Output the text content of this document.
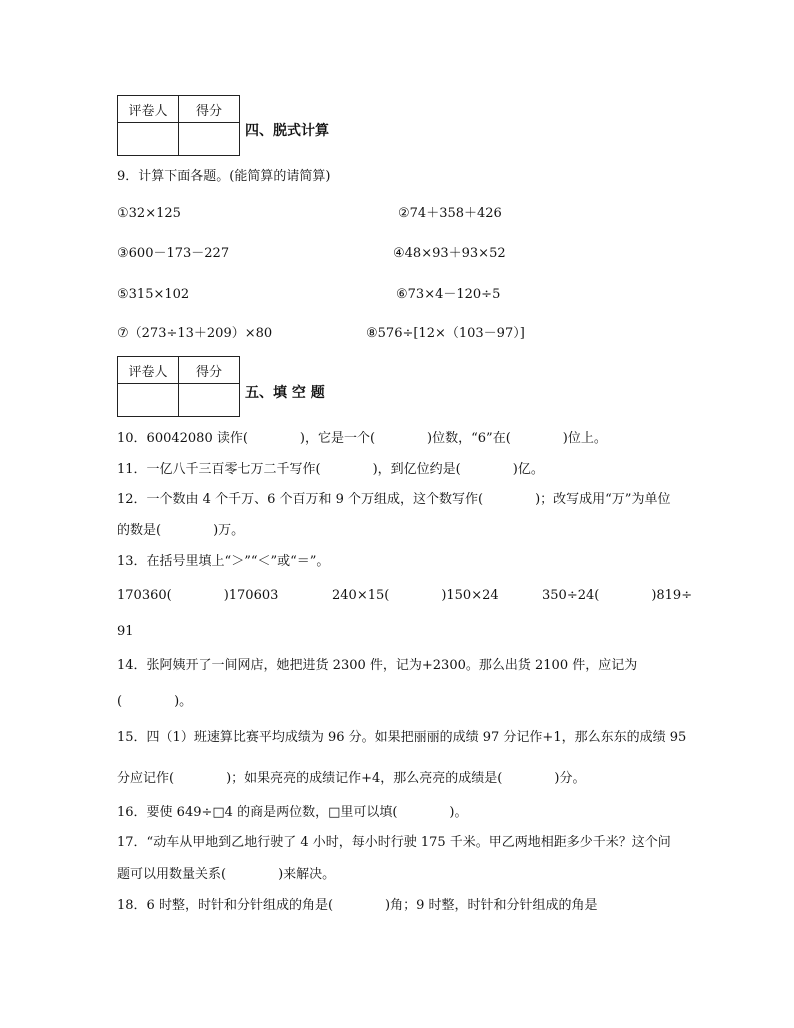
评卷人	得分

四、脱式计算
9．计算下面各题。(能简算的请简算)
①32×125	②74＋358＋426
③600－173－227	④48×93＋93×52
⑤315×102	⑥73×4－120÷5
⑦（273÷13＋209）×80	⑧576÷[12×（103－97）]
评卷人	得分

五、填 空 题
10．60042080 读作(　　　　)，它是一个(　　　　)位数，“6”在(　　　　)位上。
11．一亿八千三百零七万二千写作(　　　　)，到亿位约是(　　　　)亿。
12．一个数由 4 个千万、6 个百万和 9 个万组成，这个数写作(　　　　)；改写成用“万”为单位
的数是(　　　　)万。
13．在括号里填上“＞”“＜”或“＝”。
170360(　　　　)170603	240×15(　　　　)150×24	350÷24(　　　　)819÷
91
14．张阿姨开了一间网店，她把进货 2300 件，记为+2300。那么出货 2100 件，应记为
(　　　　)。
15．四（1）班速算比赛平均成绩为 96 分。如果把丽丽的成绩 97 分记作+1，那么东东的成绩 95
分应记作(　　　　)；如果亮亮的成绩记作+4，那么亮亮的成绩是(　　　　)分。
16．要使 649÷□4 的商是两位数，□里可以填(　　　　)。
17．“动车从甲地到乙地行驶了 4 小时，每小时行驶 175 千米。甲乙两地相距多少千米？这个问
题可以用数量关系(　　　　)来解决。
18．6 时整，时针和分针组成的角是(　　　　)角；9 时整，时针和分针组成的角是
